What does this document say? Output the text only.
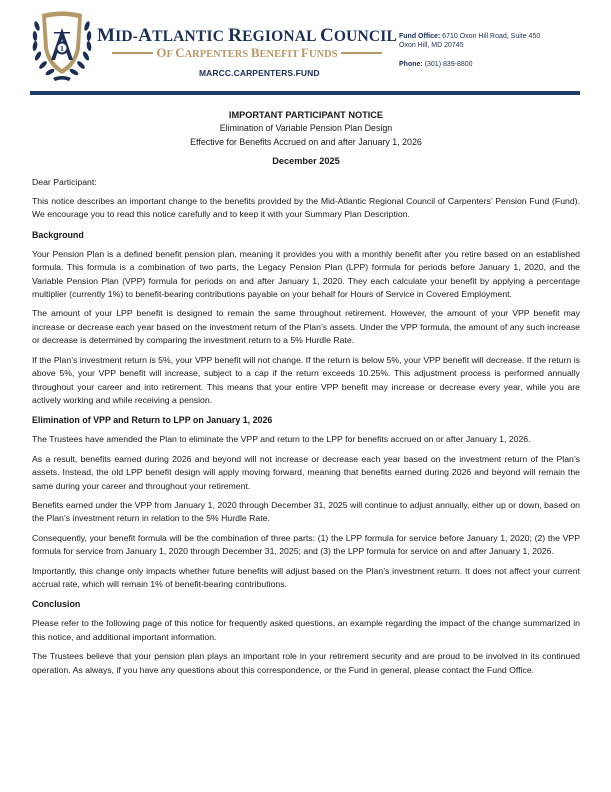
1
MID-ATLANTIC REGIONAL COUNCIL
OF CARPENTERS BENEFIT FUNDS
MARCC.CARPENTERS.FUND
Fund Office: 6710 Oxon Hill Road, Suite 450
Oxon Hill, MD 20745
Phone: (301) 839-8800
IMPORTANT PARTICIPANT NOTICE
Elimination of Variable Pension Plan Design
Effective for Benefits Accrued on and after January 1, 2026
December 2025

Dear Participant:

This notice describes an important change to the benefits provided by the Mid-Atlantic Regional Council of Carpenters’ Pension Fund (Fund). We encourage you to read this notice carefully and to keep it with your Summary Plan Description.

Background

Your Pension Plan is a defined benefit pension plan, meaning it provides you with a monthly benefit after you retire based on an established formula. This formula is a combination of two parts, the Legacy Pension Plan (LPP) formula for periods before January 1, 2020, and the Variable Pension Plan (VPP) formula for periods on and after January 1, 2020. They each calculate your benefit by applying a percentage multiplier (currently 1%) to benefit-bearing contributions payable on your behalf for Hours of Service in Covered Employment.

The amount of your LPP benefit is designed to remain the same throughout retirement. However, the amount of your VPP benefit may increase or decrease each year based on the investment return of the Plan’s assets. Under the VPP formula, the amount of any such increase or decrease is determined by comparing the investment return to a 5% Hurdle Rate.

If the Plan’s investment return is 5%, your VPP benefit will not change. If the return is below 5%, your VPP benefit will decrease. If the return is above 5%, your VPP benefit will increase, subject to a cap if the return exceeds 10.25%. This adjustment process is performed annually throughout your career and into retirement. This means that your entire VPP benefit may increase or decrease every year, while you are actively working and while receiving a pension.

Elimination of VPP and Return to LPP on January 1, 2026

The Trustees have amended the Plan to eliminate the VPP and return to the LPP for benefits accrued on or after January 1, 2026.

As a result, benefits earned during 2026 and beyond will not increase or decrease each year based on the investment return of the Plan’s assets. Instead, the old LPP benefit design will apply moving forward, meaning that benefits earned during 2026 and beyond will remain the same during your career and throughout your retirement.

Benefits earned under the VPP from January 1, 2020 through December 31, 2025 will continue to adjust annually, either up or down, based on the Plan’s investment return in relation to the 5% Hurdle Rate.

Consequently, your benefit formula will be the combination of three parts: (1) the LPP formula for service before January 1, 2020; (2) the VPP formula for service from January 1, 2020 through December 31, 2025; and (3) the LPP formula for service on and after January 1, 2026.

Importantly, this change only impacts whether future benefits will adjust based on the Plan’s investment return. It does not affect your current accrual rate, which will remain 1% of benefit-bearing contributions.

Conclusion

Please refer to the following page of this notice for frequently asked questions, an example regarding the impact of the change summarized in this notice, and additional important information.

The Trustees believe that your pension plan plays an important role in your retirement security and are proud to be involved in its continued operation. As always, if you have any questions about this correspondence, or the Fund in general, please contact the Fund Office.
